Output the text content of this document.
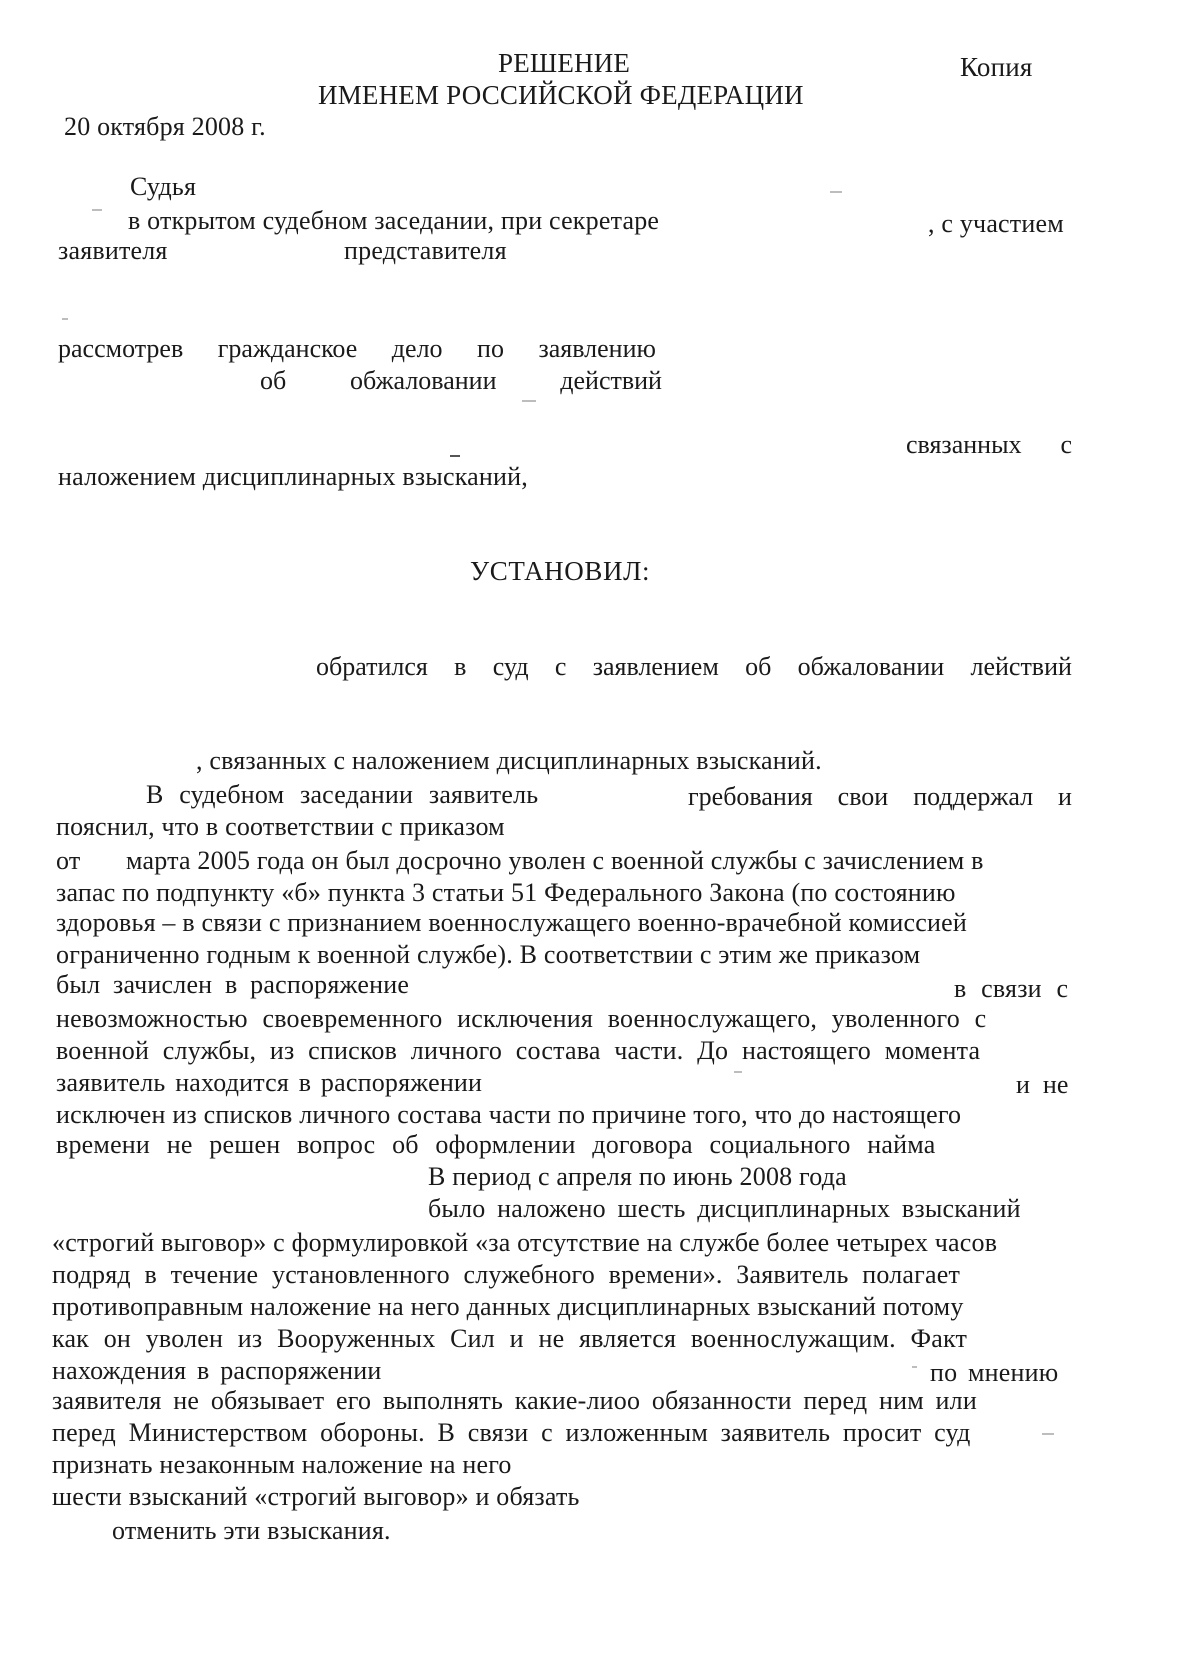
РЕШЕНИЕ	Копия
ИМЕНЕМ РОССИЙСКОЙ ФЕДЕРАЦИИ
20 октября 2008 г.
Судья
в открытом судебном заседании, при секретаре	, с участием
заявителя	представителя
рассмотрев гражданское дело по заявлению
об обжаловании действий
связанных с
наложением дисциплинарных взысканий,
УСТАНОВИЛ:
обратился в суд с заявлением об обжаловании лействий
, связанных с наложением дисциплинарных взысканий.
В судебном заседании заявитель	гребования свои поддержал и
пояснил, что в соответствии с приказом
от марта 2005 года он был досрочно уволен с военной службы с зачислением в
запас по подпункту «б» пункта 3 статьи 51 Федерального Закона (по состоянию
здоровья – в связи с признанием военнослужащего военно-врачебной комиссией
ограниченно годным к военной службе). В соответствии с этим же приказом
был зачислен в распоряжение	в связи с
невозможностью своевременного исключения военнослужащего, уволенного с
военной службы, из списков личного состава части. До настоящего момента
заявитель находится в распоряжении	и не
исключен из списков личного состава части по причине того, что до настоящего
времени не решен вопрос об оформлении договора социального найма
В период с апреля по июнь 2008 года
было наложено шесть дисциплинарных взысканий
«строгий выговор» с формулировкой «за отсутствие на службе более четырех часов
подряд в течение установленного служебного времени». Заявитель полагает
противоправным наложение на него данных дисциплинарных взысканий потому
как он уволен из Вооруженных Сил и не является военнослужащим. Факт
нахождения в распоряжении	по мнению
заявителя не обязывает его выполнять какие-лиоо обязанности перед ним или
перед Министерством обороны. В связи с изложенным заявитель просит суд
признать незаконным наложение на него
шести взысканий «строгий выговор» и обязать
отменить эти взыскания.
